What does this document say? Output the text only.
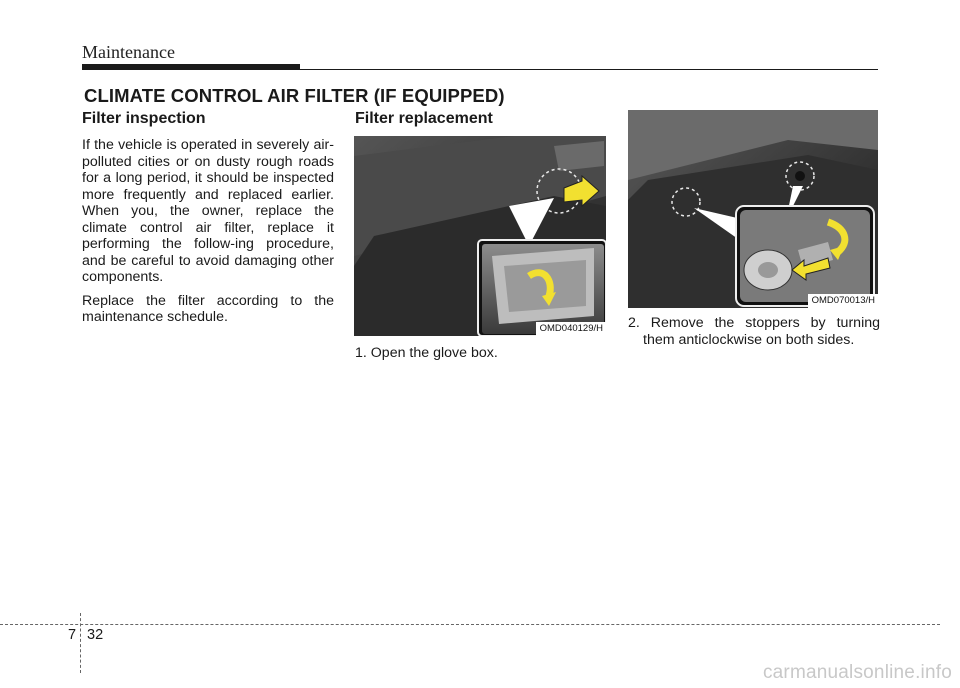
Maintenance
CLIMATE CONTROL AIR FILTER (IF EQUIPPED)
Filter inspection

If the vehicle is operated in severely air-polluted cities or on dusty rough roads for a long period, it should be inspected more frequently and replaced earlier. When you, the owner, replace the climate control air filter, replace it performing the follow-ing procedure, and be careful to avoid damaging other components.

Replace the filter according to the maintenance schedule.

Filter replacement
OMD040129/H
1. Open the glove box.
OMD070013/H
2. Remove the stoppers by turning
them anticlockwise on both sides.
7 32
carmanualsonline.info
